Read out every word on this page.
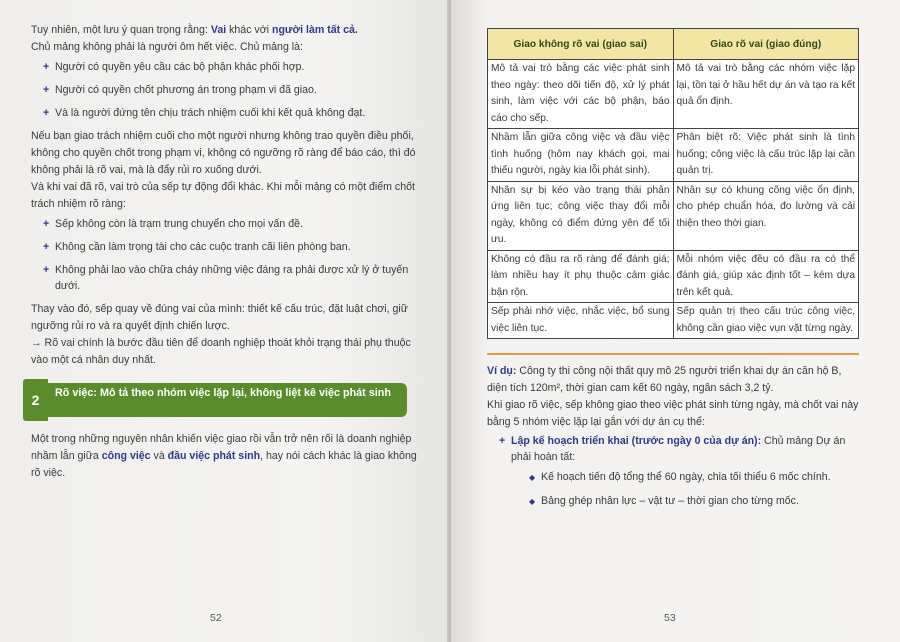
Tuy nhiên, một lưu ý quan trọng rằng: Vai khác với người làm tất cả.

Chủ mảng không phải là người ôm hết việc. Chủ mảng là:

+ Người có quyền yêu cầu các bộ phận khác phối hợp.
+ Người có quyền chốt phương án trong phạm vi đã giao.
+ Và là người đứng tên chịu trách nhiệm cuối khi kết quả không đạt.

Nếu bạn giao trách nhiệm cuối cho một người nhưng không trao quyền điều phối, không cho quyền chốt trong phạm vi, không có ngưỡng rõ ràng để báo cáo, thì đó không phải là rõ vai, mà là đẩy rủi ro xuống dưới.

Và khi vai đã rõ, vai trò của sếp tự động đổi khác. Khi mỗi mảng có một điểm chốt trách nhiệm rõ ràng:

+ Sếp không còn là trạm trung chuyển cho mọi vấn đề.
+ Không cần làm trọng tài cho các cuộc tranh cãi liên phòng ban.
+ Không phải lao vào chữa cháy những việc đáng ra phải được xử lý ở tuyến dưới.

Thay vào đó, sếp quay về đúng vai của mình: thiết kế cấu trúc, đặt luật chơi, giữ ngưỡng rủi ro và ra quyết định chiến lược.

→ Rõ vai chính là bước đầu tiên để doanh nghiệp thoát khỏi trạng thái phụ thuộc vào một cá nhân duy nhất.

2	Rõ việc: Mô tả theo nhóm việc lặp lại, không liệt kê việc phát sinh

Một trong những nguyên nhân khiến việc giao rồi vẫn trở nên rối là doanh nghiệp nhầm lẫn giữa công việc và đầu việc phát sinh, hay nói cách khác là giao không rõ việc.

52
Giao không rõ vai (giao sai)	Giao rõ vai (giao đúng)
Mô tả vai trò bằng các việc phát sinh theo ngày: theo dõi tiến độ, xử lý phát sinh, làm việc với các bộ phận, báo cáo cho sếp.	Mô tả vai trò bằng các nhóm việc lặp lại, tồn tại ở hầu hết dự án và tạo ra kết quả ổn định.
Nhầm lẫn giữa công việc và đầu việc tình huống (hôm nay khách gọi, mai thiếu người, ngày kia lỗi phát sinh).	Phân biệt rõ: Việc phát sinh là tình huống; công việc là cấu trúc lặp lại cần quản trị.
Nhân sự bị kéo vào trạng thái phản ứng liên tục; công việc thay đổi mỗi ngày, không có điểm đứng yên để tối ưu.	Nhân sự có khung công việc ổn định, cho phép chuẩn hóa, đo lường và cải thiện theo thời gian.
Không có đầu ra rõ ràng để đánh giá; làm nhiều hay ít phụ thuộc cảm giác bận rộn.	Mỗi nhóm việc đều có đầu ra có thể đánh giá, giúp xác định tốt – kém dựa trên kết quả.
Sếp phải nhớ việc, nhắc việc, bổ sung việc liên tục.	Sếp quản trị theo cấu trúc công việc, không cần giao việc vụn vặt từng ngày.

Ví dụ: Công ty thi công nội thất quy mô 25 người triển khai dự án căn hộ B, diện tích 120m², thời gian cam kết 60 ngày, ngân sách 3,2 tỷ.

Khi giao rõ việc, sếp không giao theo việc phát sinh từng ngày, mà chốt vai này bằng 5 nhóm việc lặp lại gắn với dự án cụ thể:

+ Lập kế hoạch triển khai (trước ngày 0 của dự án): Chủ mảng Dự án phải hoàn tất:
◆ Kế hoạch tiến độ tổng thể 60 ngày, chia tối thiểu 6 mốc chính.
◆ Bảng ghép nhân lực – vật tư – thời gian cho từng mốc.
53
